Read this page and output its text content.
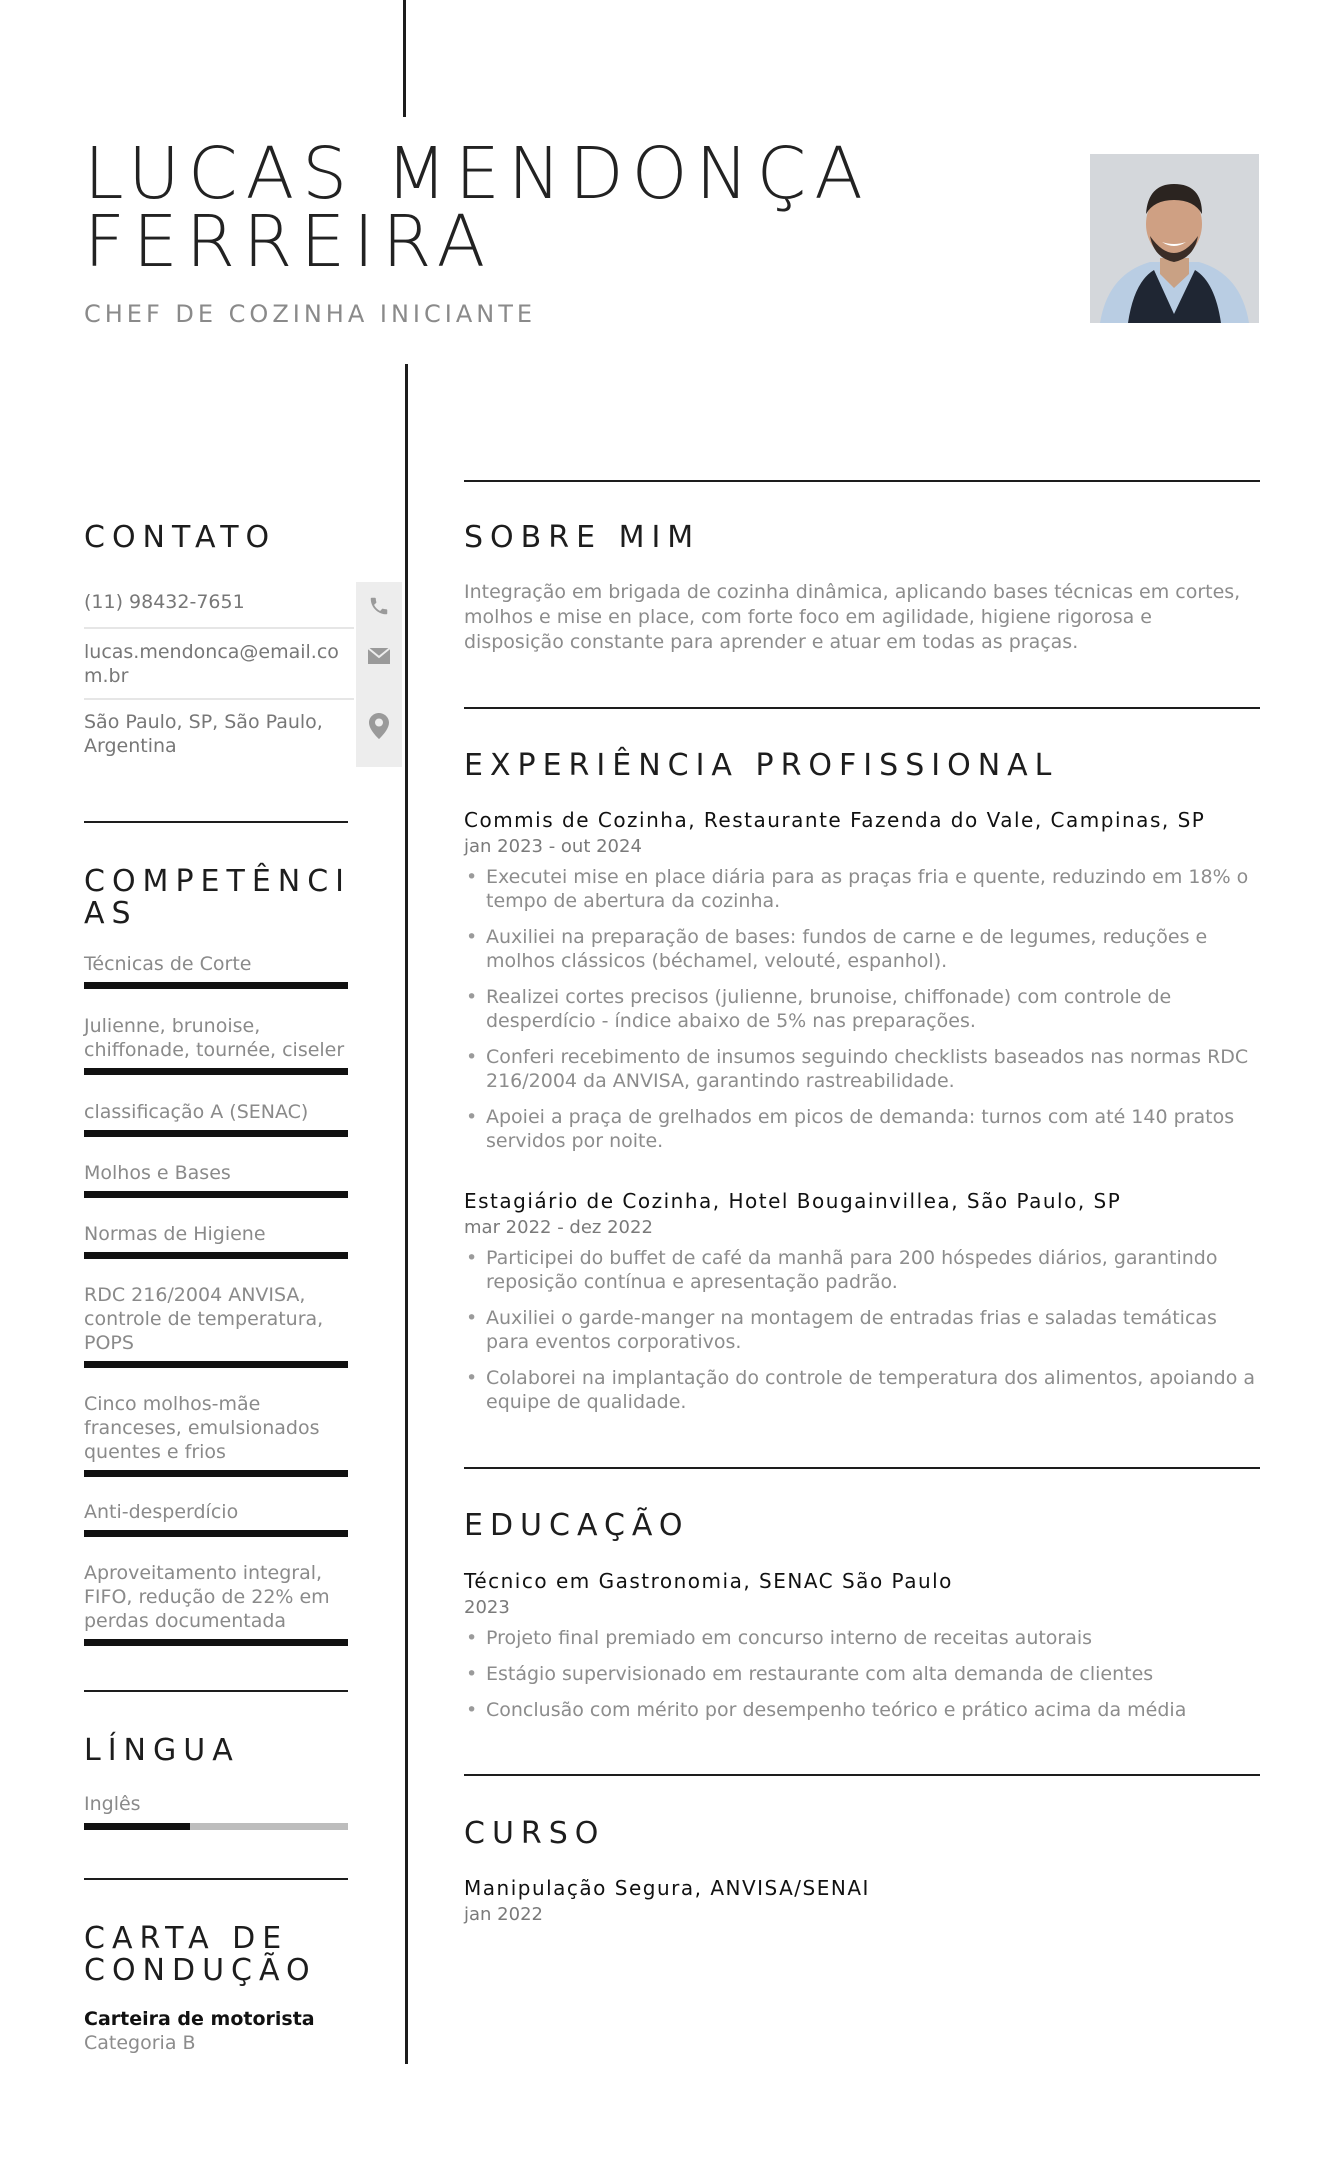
LUCAS MENDONÇA FERREIRA
CHEF DE COZINHA INICIANTE
CONTATO
(11) 98432-7651
lucas.mendonca@email.com.br
São Paulo, SP, São Paulo, Argentina
COMPETÊNCIAS
Técnicas de Corte
Julienne, brunoise, chiffonade, tournée, ciseler
classificação A (SENAC)
Molhos e Bases
Normas de Higiene
RDC 216/2004 ANVISA, controle de temperatura, POPS
Cinco molhos-mãe franceses, emulsionados quentes e frios
Anti-desperdício
Aproveitamento integral, FIFO, redução de 22% em perdas documentada
LÍNGUA
Inglês
CARTA DE CONDUÇÃO
Carteira de motorista
Categoria B
SOBRE MIM
Integração em brigada de cozinha dinâmica, aplicando bases técnicas em cortes, molhos e mise en place, com forte foco em agilidade, higiene rigorosa e disposição constante para aprender e atuar em todas as praças.
EXPERIÊNCIA PROFISSIONAL
Commis de Cozinha, Restaurante Fazenda do Vale, Campinas, SP
jan 2023 - out 2024
• Executei mise en place diária para as praças fria e quente, reduzindo em 18% o tempo de abertura da cozinha.
• Auxiliei na preparação de bases: fundos de carne e de legumes, reduções e molhos clássicos (béchamel, velouté, espanhol).
• Realizei cortes precisos (julienne, brunoise, chiffonade) com controle de desperdício - índice abaixo de 5% nas preparações.
• Conferi recebimento de insumos seguindo checklists baseados nas normas RDC 216/2004 da ANVISA, garantindo rastreabilidade.
• Apoiei a praça de grelhados em picos de demanda: turnos com até 140 pratos servidos por noite.
Estagiário de Cozinha, Hotel Bougainvillea, São Paulo, SP
mar 2022 - dez 2022
• Participei do buffet de café da manhã para 200 hóspedes diários, garantindo reposição contínua e apresentação padrão.
• Auxiliei o garde-manger na montagem de entradas frias e saladas temáticas para eventos corporativos.
• Colaborei na implantação do controle de temperatura dos alimentos, apoiando a equipe de qualidade.
EDUCAÇÃO
Técnico em Gastronomia, SENAC São Paulo
2023
• Projeto final premiado em concurso interno de receitas autorais
• Estágio supervisionado em restaurante com alta demanda de clientes
• Conclusão com mérito por desempenho teórico e prático acima da média
CURSO
Manipulação Segura, ANVISA/SENAI
jan 2022
